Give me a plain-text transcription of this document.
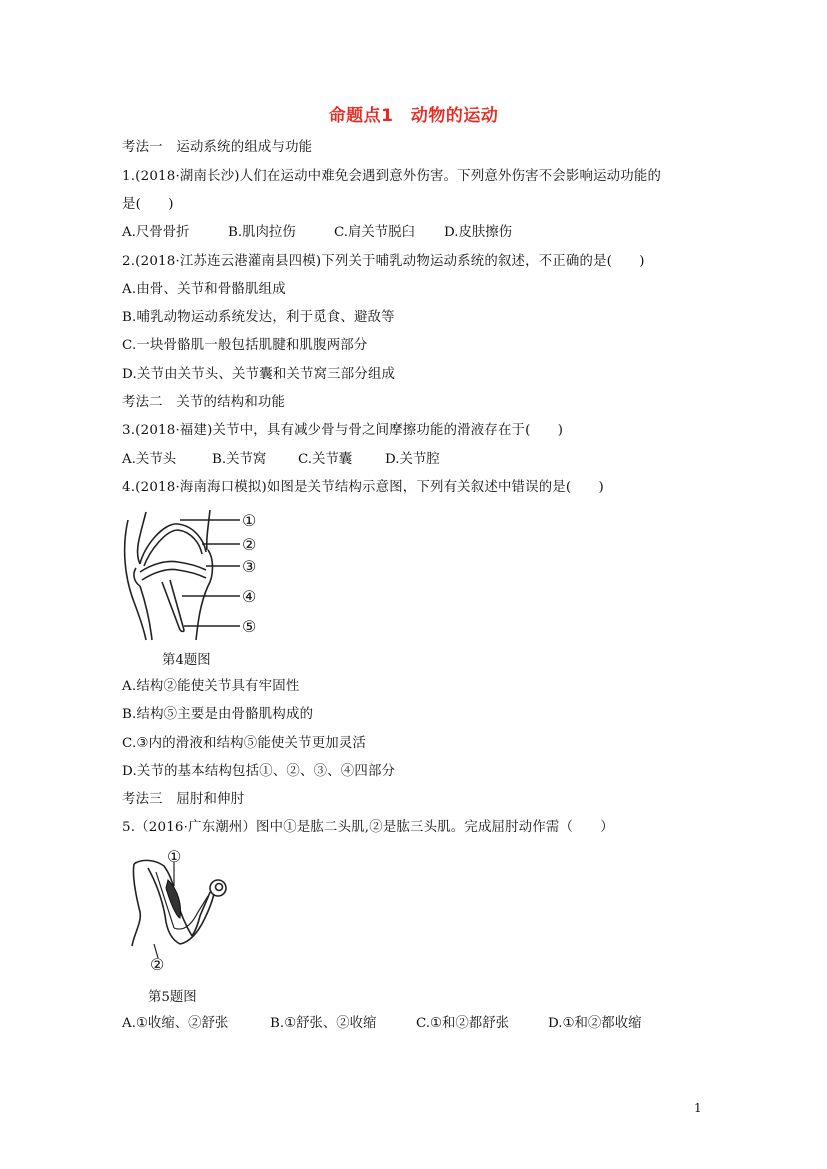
命题点1　动物的运动
考法一　运动系统的组成与功能
1.(2018·湖南长沙)人们在运动中难免会遇到意外伤害。下列意外伤害不会影响运动功能的
是(　　)
A.尺骨骨折	B.肌肉拉伤	C.肩关节脱臼 D.皮肤擦伤
2.(2018·江苏连云港灌南县四模)下列关于哺乳动物运动系统的叙述，不正确的是(　　)
A.由骨、关节和骨骼肌组成
B.哺乳动物运动系统发达，利于觅食、避敌等
C.一块骨骼肌一般包括肌腱和肌腹两部分
D.关节由关节头、关节囊和关节窝三部分组成
考法二　关节的结构和功能
3.(2018·福建)关节中，具有减少骨与骨之间摩擦功能的滑液存在于(　　)
A.关节头	B.关节窝 C.关节囊 D.关节腔
4.(2018·海南海口模拟)如图是关节结构示意图，下列有关叙述中错误的是(　　)
①
②
③
④
⑤
第4题图
A.结构②能使关节具有牢固性
B.结构⑤主要是由骨骼肌构成的
C.③内的滑液和结构⑤能使关节更加灵活
D.关节的基本结构包括①、②、③、④四部分
考法三　屈肘和伸肘
5.（2016·广东潮州）图中①是肱二头肌,②是肱三头肌。完成屈肘动作需（　　）
①
②
第5题图
A.①收缩、②舒张	B.①舒张、②收缩	C.①和②都舒张	D.①和②都收缩
1
